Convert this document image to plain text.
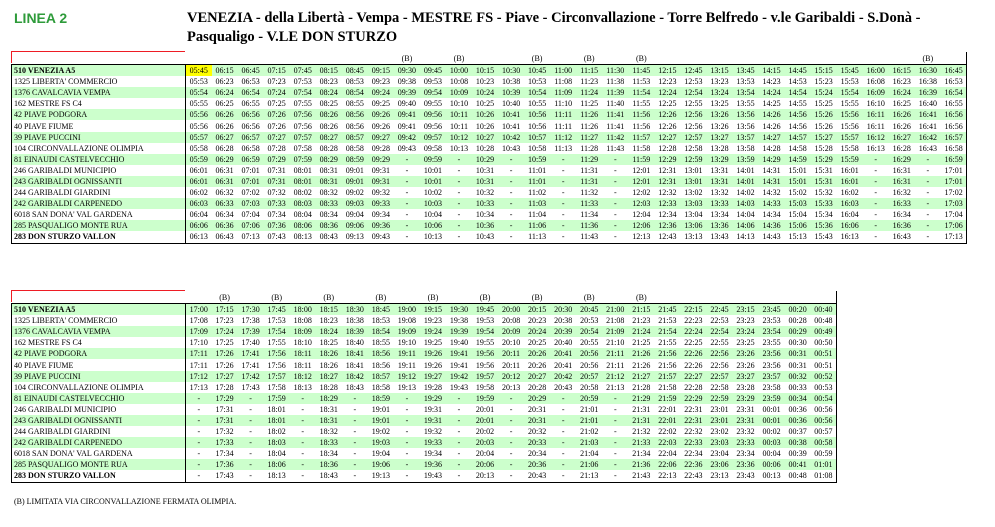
LINEA 2	VENEZIA - della Libertà - Vempa - MESTRE FS - Piave - Circonvallazione - Torre Belfredo - v.le Garibaldi - S.Donà - Pasqualigo - V.LE DON STURZO
									(B)		(B)			(B)		(B)		(B)											(B)	
510 VENEZIA A5	05:45	06:15	06:45	07:15	07:45	08:15	08:45	09:15	09:30	09:45	10:00	10:15	10:30	10:45	11:00	11:15	11:30	11:45	12:15	12:45	13:15	13:45	14:15	14:45	15:15	15:45	16:00	16:15	16:30	16:45
1325 LIBERTA' COMMERCIO	05:53	06:23	06:53	07:23	07:53	08:23	08:53	09:23	09:38	09:53	10:08	10:23	10:38	10:53	11:08	11:23	11:38	11:53	12:23	12:53	13:23	13:53	14:23	14:53	15:23	15:53	16:08	16:23	16:38	16:53
1376 CAVALCAVIA VEMPA	05:54	06:24	06:54	07:24	07:54	08:24	08:54	09:24	09:39	09:54	10:09	10:24	10:39	10:54	11:09	11:24	11:39	11:54	12:24	12:54	13:24	13:54	14:24	14:54	15:24	15:54	16:09	16:24	16:39	16:54
162 MESTRE FS C4	05:55	06:25	06:55	07:25	07:55	08:25	08:55	09:25	09:40	09:55	10:10	10:25	10:40	10:55	11:10	11:25	11:40	11:55	12:25	12:55	13:25	13:55	14:25	14:55	15:25	15:55	16:10	16:25	16:40	16:55
42 PIAVE PODGORA	05:56	06:26	06:56	07:26	07:56	08:26	08:56	09:26	09:41	09:56	10:11	10:26	10:41	10:56	11:11	11:26	11:41	11:56	12:26	12:56	13:26	13:56	14:26	14:56	15:26	15:56	16:11	16:26	16:41	16:56
40 PIAVE FIUME	05:56	06:26	06:56	07:26	07:56	08:26	08:56	09:26	09:41	09:56	10:11	10:26	10:41	10:56	11:11	11:26	11:41	11:56	12:26	12:56	13:26	13:56	14:26	14:56	15:26	15:56	16:11	16:26	16:41	16:56
39 PIAVE PUCCINI	05:57	06:27	06:57	07:27	07:57	08:27	08:57	09:27	09:42	09:57	10:12	10:27	10:42	10:57	11:12	11:27	11:42	11:57	12:27	12:57	13:27	13:57	14:27	14:57	15:27	15:57	16:12	16:27	16:42	16:57
104 CIRCONVALLAZIONE OLIMPIA	05:58	06:28	06:58	07:28	07:58	08:28	08:58	09:28	09:43	09:58	10:13	10:28	10:43	10:58	11:13	11:28	11:43	11:58	12:28	12:58	13:28	13:58	14:28	14:58	15:28	15:58	16:13	16:28	16:43	16:58
81 EINAUDI CASTELVECCHIO	05:59	06:29	06:59	07:29	07:59	08:29	08:59	09:29	-	09:59	-	10:29	-	10:59	-	11:29	-	11:59	12:29	12:59	13:29	13:59	14:29	14:59	15:29	15:59	-	16:29	-	16:59
246 GARIBALDI MUNICIPIO	06:01	06:31	07:01	07:31	08:01	08:31	09:01	09:31	-	10:01	-	10:31	-	11:01	-	11:31	-	12:01	12:31	13:01	13:31	14:01	14:31	15:01	15:31	16:01	-	16:31	-	17:01
243 GARIBALDI OGNISSANTI	06:01	06:31	07:01	07:31	08:01	08:31	09:01	09:31	-	10:01	-	10:31	-	11:01	-	11:31	-	12:01	12:31	13:01	13:31	14:01	14:31	15:01	15:31	16:01	-	16:31	-	17:01
244 GARIBALDI GIARDINI	06:02	06:32	07:02	07:32	08:02	08:32	09:02	09:32	-	10:02	-	10:32	-	11:02	-	11:32	-	12:02	12:32	13:02	13:32	14:02	14:32	15:02	15:32	16:02	-	16:32	-	17:02
242 GARIBALDI CARPENEDO	06:03	06:33	07:03	07:33	08:03	08:33	09:03	09:33	-	10:03	-	10:33	-	11:03	-	11:33	-	12:03	12:33	13:03	13:33	14:03	14:33	15:03	15:33	16:03	-	16:33	-	17:03
6018 SAN DONA' VAL GARDENA	06:04	06:34	07:04	07:34	08:04	08:34	09:04	09:34	-	10:04	-	10:34	-	11:04	-	11:34	-	12:04	12:34	13:04	13:34	14:04	14:34	15:04	15:34	16:04	-	16:34	-	17:04
285 PASQUALIGO MONTE RUA	06:06	06:36	07:06	07:36	08:06	08:36	09:06	09:36	-	10:06	-	10:36	-	11:06	-	11:36	-	12:06	12:36	13:06	13:36	14:06	14:36	15:06	15:36	16:06	-	16:36	-	17:06
283 DON STURZO VALLON	06:13	06:43	07:13	07:43	08:13	08:43	09:13	09:43	-	10:13	-	10:43	-	11:13	-	11:43	-	12:13	12:43	13:13	13:43	14:13	14:43	15:13	15:43	16:13	-	16:43	-	17:13
		(B)		(B)		(B)		(B)		(B)		(B)		(B)		(B)		(B)							
510 VENEZIA A5	17:00	17:15	17:30	17:45	18:00	18:15	18:30	18:45	19:00	19:15	19:30	19:45	20:00	20:15	20:30	20:45	21:00	21:15	21:45	22:15	22:45	23:15	23:45	00:20	00:40
1325 LIBERTA' COMMERCIO	17:08	17:23	17:38	17:53	18:08	18:23	18:38	18:53	19:08	19:23	19:38	19:53	20:08	20:23	20:38	20:53	21:08	21:23	21:53	22:23	22:53	23:23	23:53	00:28	00:48
1376 CAVALCAVIA VEMPA	17:09	17:24	17:39	17:54	18:09	18:24	18:39	18:54	19:09	19:24	19:39	19:54	20:09	20:24	20:39	20:54	21:09	21:24	21:54	22:24	22:54	23:24	23:54	00:29	00:49
162 MESTRE FS C4	17:10	17:25	17:40	17:55	18:10	18:25	18:40	18:55	19:10	19:25	19:40	19:55	20:10	20:25	20:40	20:55	21:10	21:25	21:55	22:25	22:55	23:25	23:55	00:30	00:50
42 PIAVE PODGORA	17:11	17:26	17:41	17:56	18:11	18:26	18:41	18:56	19:11	19:26	19:41	19:56	20:11	20:26	20:41	20:56	21:11	21:26	21:56	22:26	22:56	23:26	23:56	00:31	00:51
40 PIAVE FIUME	17:11	17:26	17:41	17:56	18:11	18:26	18:41	18:56	19:11	19:26	19:41	19:56	20:11	20:26	20:41	20:56	21:11	21:26	21:56	22:26	22:56	23:26	23:56	00:31	00:51
39 PIAVE PUCCINI	17:12	17:27	17:42	17:57	18:12	18:27	18:42	18:57	19:12	19:27	19:42	19:57	20:12	20:27	20:42	20:57	21:12	21:27	21:57	22:27	22:57	23:27	23:57	00:32	00:52
104 CIRCONVALLAZIONE OLIMPIA	17:13	17:28	17:43	17:58	18:13	18:28	18:43	18:58	19:13	19:28	19:43	19:58	20:13	20:28	20:43	20:58	21:13	21:28	21:58	22:28	22:58	23:28	23:58	00:33	00:53
81 EINAUDI CASTELVECCHIO	-	17:29	-	17:59	-	18:29	-	18:59	-	19:29	-	19:59	-	20:29	-	20:59	-	21:29	21:59	22:29	22:59	23:29	23:59	00:34	00:54
246 GARIBALDI MUNICIPIO	-	17:31	-	18:01	-	18:31	-	19:01	-	19:31	-	20:01	-	20:31	-	21:01	-	21:31	22:01	22:31	23:01	23:31	00:01	00:36	00:56
243 GARIBALDI OGNISSANTI	-	17:31	-	18:01	-	18:31	-	19:01	-	19:31	-	20:01	-	20:31	-	21:01	-	21:31	22:01	22:31	23:01	23:31	00:01	00:36	00:56
244 GARIBALDI GIARDINI	-	17:32	-	18:02	-	18:32	-	19:02	-	19:32	-	20:02	-	20:32	-	21:02	-	21:32	22:02	22:32	23:02	23:32	00:02	00:37	00:57
242 GARIBALDI CARPENEDO	-	17:33	-	18:03	-	18:33	-	19:03	-	19:33	-	20:03	-	20:33	-	21:03	-	21:33	22:03	22:33	23:03	23:33	00:03	00:38	00:58
6018 SAN DONA' VAL GARDENA	-	17:34	-	18:04	-	18:34	-	19:04	-	19:34	-	20:04	-	20:34	-	21:04	-	21:34	22:04	22:34	23:04	23:34	00:04	00:39	00:59
285 PASQUALIGO MONTE RUA	-	17:36	-	18:06	-	18:36	-	19:06	-	19:36	-	20:06	-	20:36	-	21:06	-	21:36	22:06	22:36	23:06	23:36	00:06	00:41	01:01
283 DON STURZO VALLON	-	17:43	-	18:13	-	18:43	-	19:13	-	19:43	-	20:13	-	20:43	-	21:13	-	21:43	22:13	22:43	23:13	23:43	00:13	00:48	01:08
(B) LIMITATA VIA CIRCONVALLAZIONE FERMATA OLIMPIA.
